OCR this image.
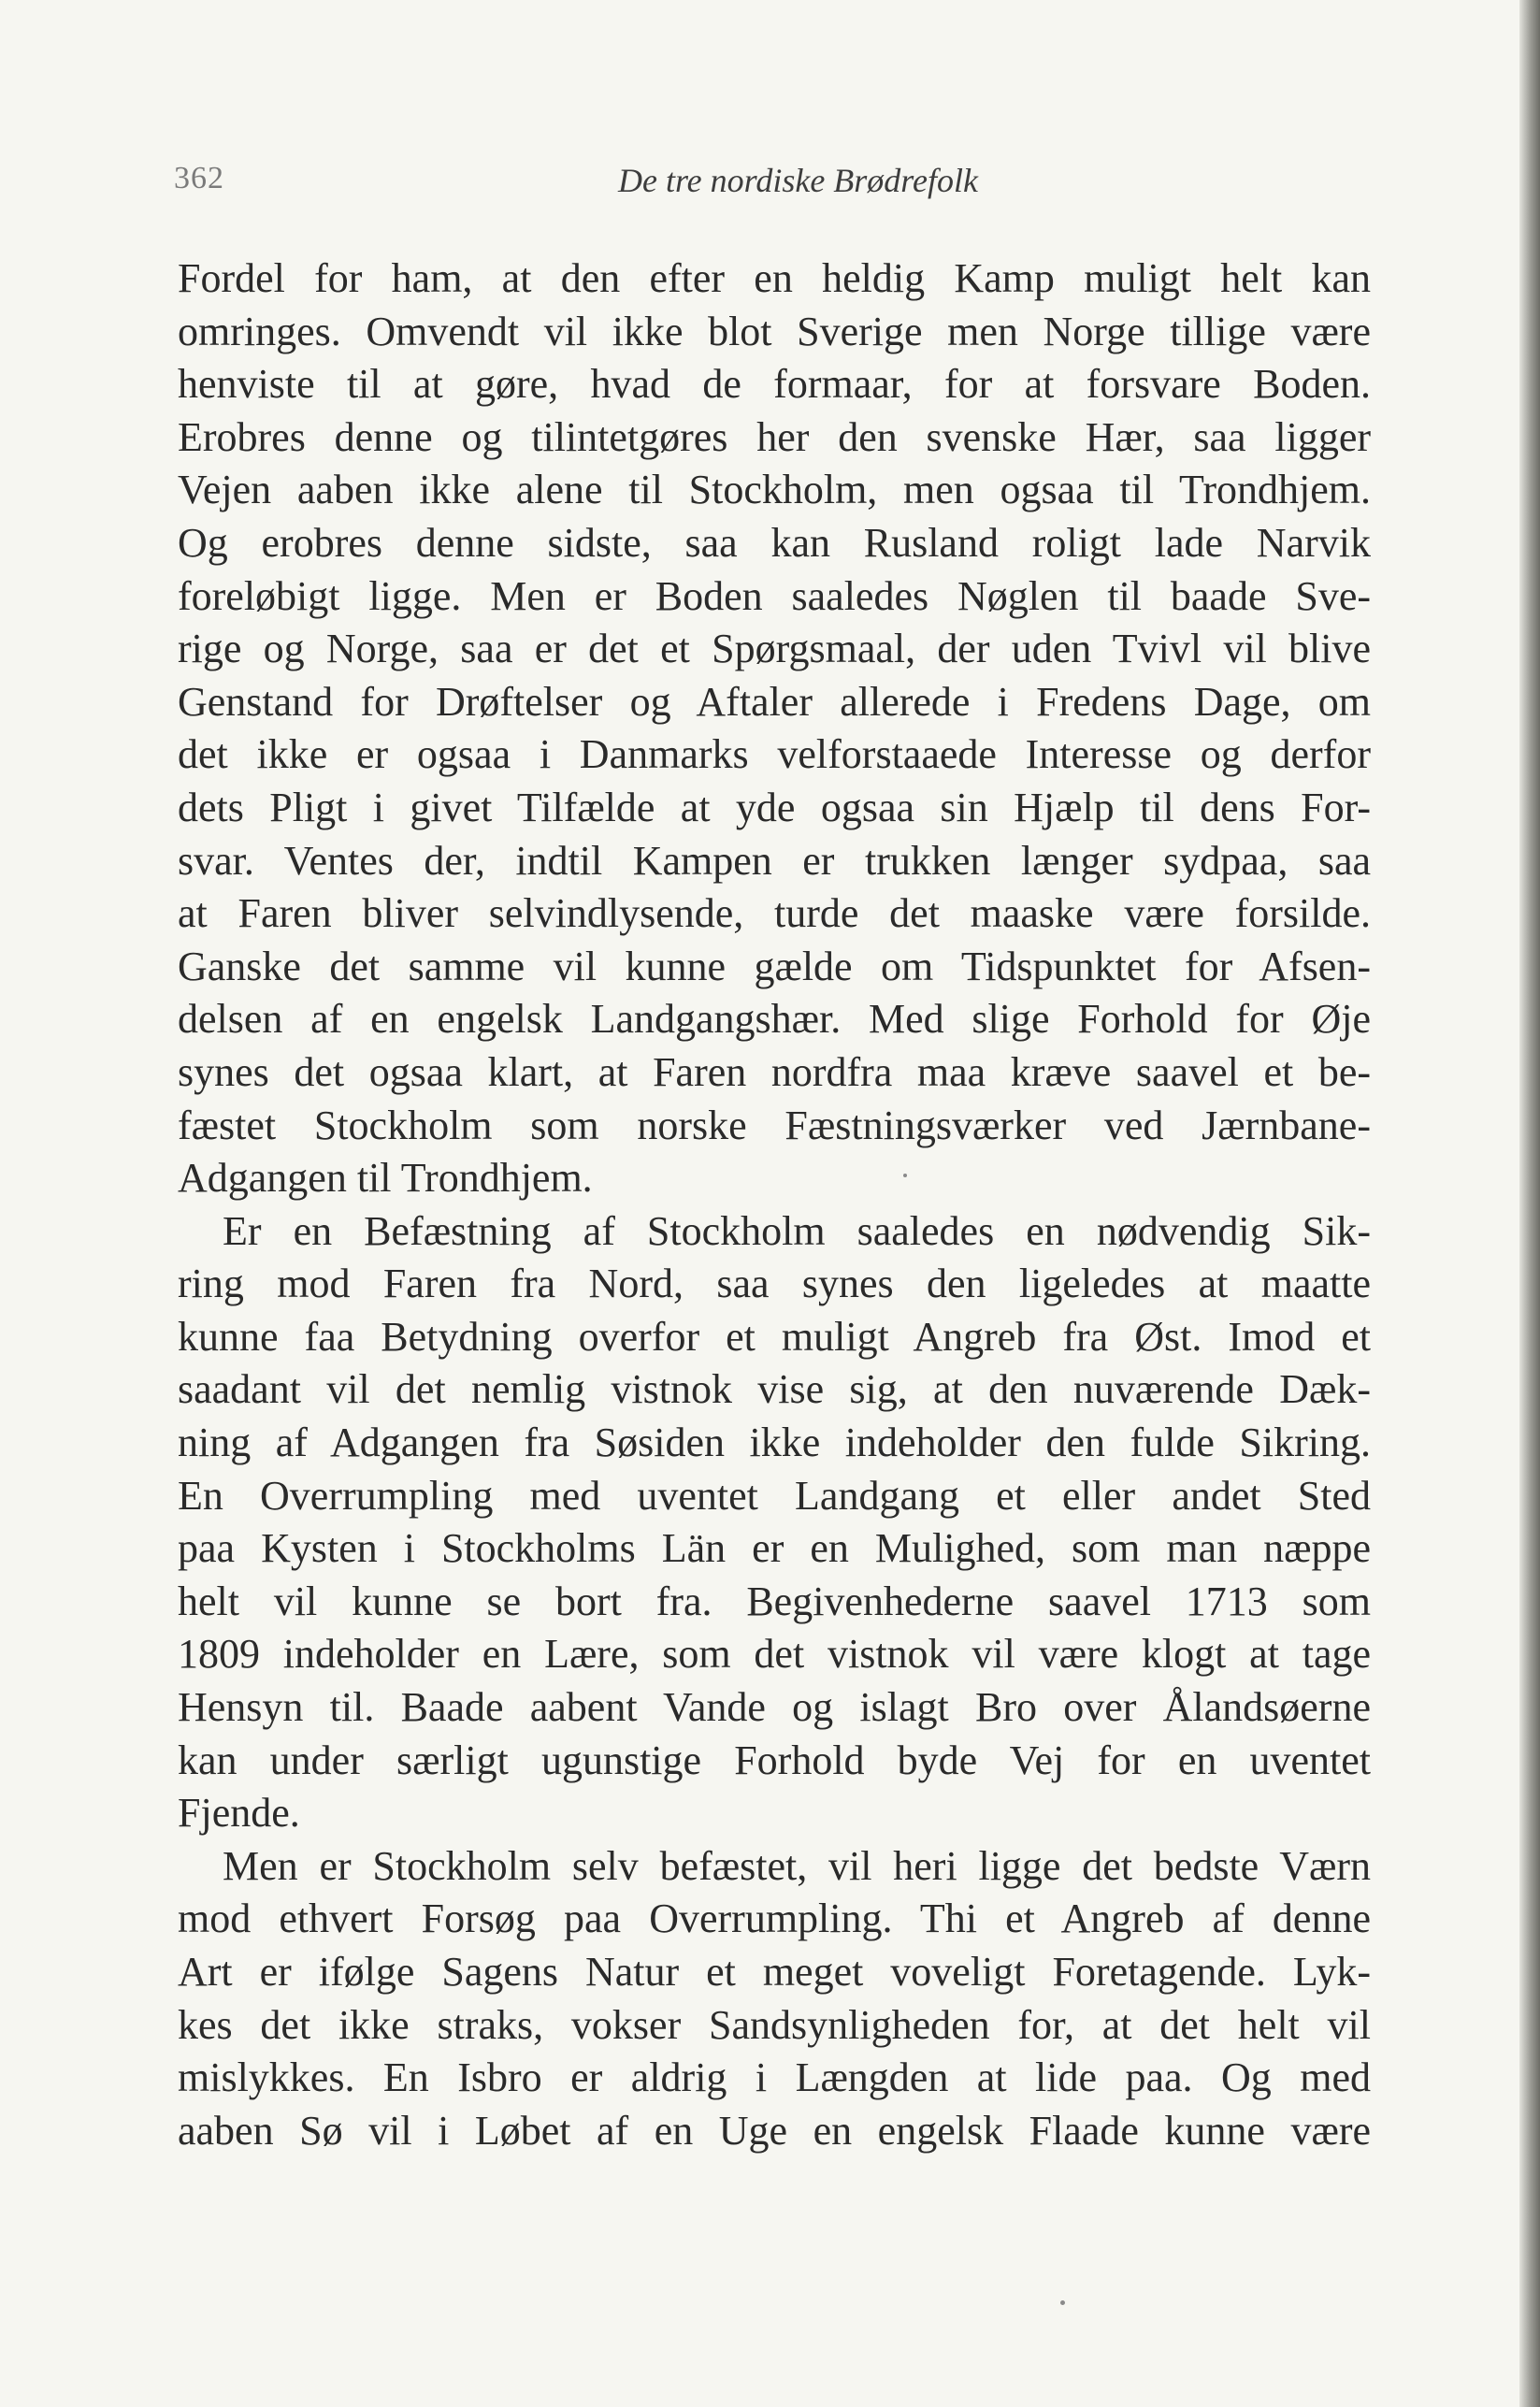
362	De tre nordiske Brødrefolk
Fordel for ham, at den efter en heldig Kamp muligt helt kan
omringes. Omvendt vil ikke blot Sverige men Norge tillige være
henviste til at gøre, hvad de formaar, for at forsvare Boden.
Erobres denne og tilintetgøres her den svenske Hær, saa ligger
Vejen aaben ikke alene til Stockholm, men ogsaa til Trondhjem.
Og erobres denne sidste, saa kan Rusland roligt lade Narvik
foreløbigt ligge. Men er Boden saaledes Nøglen til baade Sve-
rige og Norge, saa er det et Spørgsmaal, der uden Tvivl vil blive
Genstand for Drøftelser og Aftaler allerede i Fredens Dage, om
det ikke er ogsaa i Danmarks velforstaaede Interesse og derfor
dets Pligt i givet Tilfælde at yde ogsaa sin Hjælp til dens For-
svar. Ventes der, indtil Kampen er trukken længer sydpaa, saa
at Faren bliver selvindlysende, turde det maaske være forsilde.
Ganske det samme vil kunne gælde om Tidspunktet for Afsen-
delsen af en engelsk Landgangshær. Med slige Forhold for Øje
synes det ogsaa klart, at Faren nordfra maa kræve saavel et be-
fæstet Stockholm som norske Fæstningsværker ved Jærnbane-
Adgangen til Trondhjem.
Er en Befæstning af Stockholm saaledes en nødvendig Sik-
ring mod Faren fra Nord, saa synes den ligeledes at maatte
kunne faa Betydning overfor et muligt Angreb fra Øst. Imod et
saadant vil det nemlig vistnok vise sig, at den nuværende Dæk-
ning af Adgangen fra Søsiden ikke indeholder den fulde Sikring.
En Overrumpling med uventet Landgang et eller andet Sted
paa Kysten i Stockholms Län er en Mulighed, som man næppe
helt vil kunne se bort fra. Begivenhederne saavel 1713 som
1809 indeholder en Lære, som det vistnok vil være klogt at tage
Hensyn til. Baade aabent Vande og islagt Bro over Ålandsøerne
kan under særligt ugunstige Forhold byde Vej for en uventet
Fjende.
Men er Stockholm selv befæstet, vil heri ligge det bedste Værn
mod ethvert Forsøg paa Overrumpling. Thi et Angreb af denne
Art er ifølge Sagens Natur et meget voveligt Foretagende. Lyk-
kes det ikke straks, vokser Sandsynligheden for, at det helt vil
mislykkes. En Isbro er aldrig i Længden at lide paa. Og med
aaben Sø vil i Løbet af en Uge en engelsk Flaade kunne være
